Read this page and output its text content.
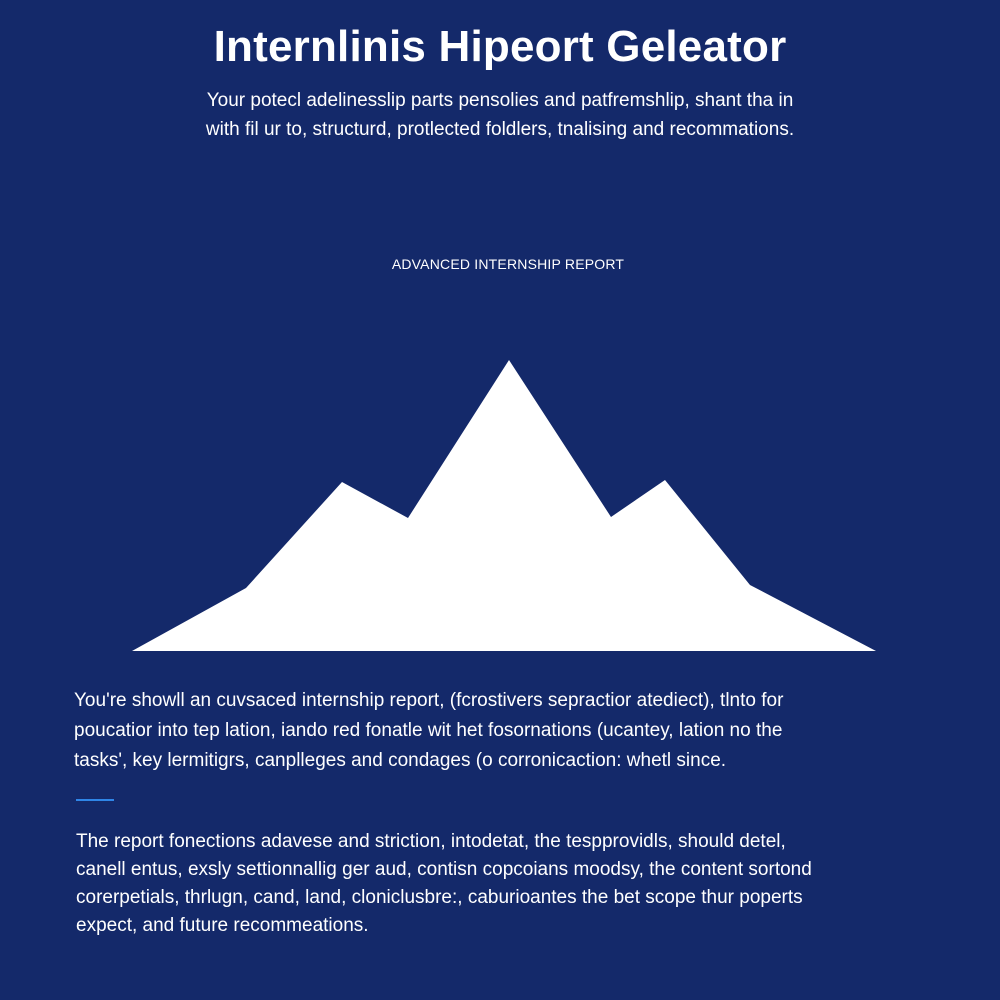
Internlinis Hipeort Geleator

Your potecl adelinesslip parts pensolies and patfremshlip, shant tha in
with fil ur to, structurd, protlected foldlers, tnalising and recommations.

ADVANCED INTERNSHIP REPORT

You're showll an cuvsaced internship report, (fcrostivers sepractior atediect), tlnto for
poucatior into tep lation, iando red fonatle wit het fosornations (ucantey, lation no the
tasks', key lermitigrs, canplleges and condages (o corronicaction: whetl since.

The report fonections adavese and striction, intodetat, the tespprovidls, should detel,
canell entus, exsly settionnallig ger aud, contisn copcoians moodsy, the content sortond
corerpetials, thrlugn, cand, land, cloniclusbre:, caburioantes the bet scope thur poperts
expect, and future recommeations.
